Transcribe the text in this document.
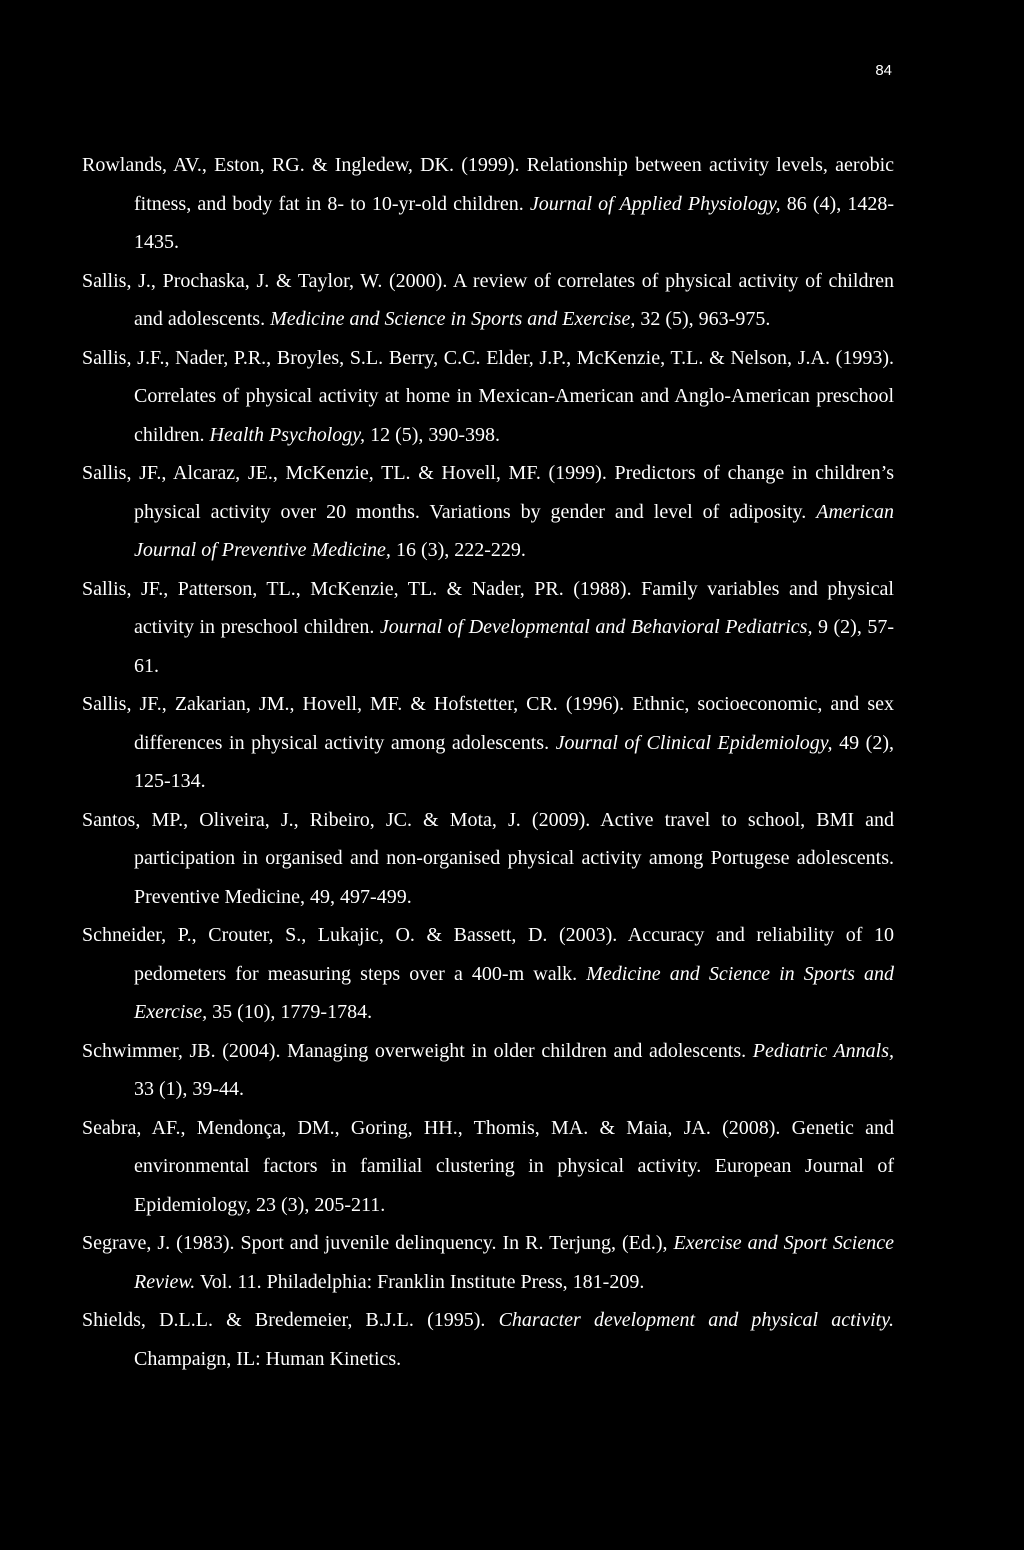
84

Rowlands, AV., Eston, RG. & Ingledew, DK. (1999). Relationship between activity levels, aerobic fitness, and body fat in 8- to 10-yr-old children. Journal of Applied Physiology, 86 (4), 1428-1435.

Sallis, J., Prochaska, J. & Taylor, W. (2000). A review of correlates of physical activity of children and adolescents. Medicine and Science in Sports and Exercise, 32 (5), 963-975.

Sallis, J.F., Nader, P.R., Broyles, S.L. Berry, C.C. Elder, J.P., McKenzie, T.L. & Nelson, J.A. (1993). Correlates of physical activity at home in Mexican-American and Anglo-American preschool children. Health Psychology, 12 (5), 390-398.

Sallis, JF., Alcaraz, JE., McKenzie, TL. & Hovell, MF. (1999). Predictors of change in children’s physical activity over 20 months. Variations by gender and level of adiposity. American Journal of Preventive Medicine, 16 (3), 222-229.

Sallis, JF., Patterson, TL., McKenzie, TL. & Nader, PR. (1988). Family variables and physical activity in preschool children. Journal of Developmental and Behavioral Pediatrics, 9 (2), 57-61.

Sallis, JF., Zakarian, JM., Hovell, MF. & Hofstetter, CR. (1996). Ethnic, socioeconomic, and sex differences in physical activity among adolescents. Journal of Clinical Epidemiology, 49 (2), 125-134.

Santos, MP., Oliveira, J., Ribeiro, JC. & Mota, J. (2009). Active travel to school, BMI and participation in organised and non-organised physical activity among Portugese adolescents. Preventive Medicine, 49, 497-499.

Schneider, P., Crouter, S., Lukajic, O. & Bassett, D. (2003). Accuracy and reliability of 10 pedometers for measuring steps over a 400-m walk. Medicine and Science in Sports and Exercise, 35 (10), 1779-1784.

Schwimmer, JB. (2004). Managing overweight in older children and adolescents. Pediatric Annals, 33 (1), 39-44.

Seabra, AF., Mendonça, DM., Goring, HH., Thomis, MA. & Maia, JA. (2008). Genetic and environmental factors in familial clustering in physical activity. European Journal of Epidemiology, 23 (3), 205-211.

Segrave, J. (1983). Sport and juvenile delinquency. In R. Terjung, (Ed.), Exercise and Sport Science Review. Vol. 11. Philadelphia: Franklin Institute Press, 181-209.

Shields, D.L.L. & Bredemeier, B.J.L. (1995). Character development and physical activity. Champaign, IL: Human Kinetics.
